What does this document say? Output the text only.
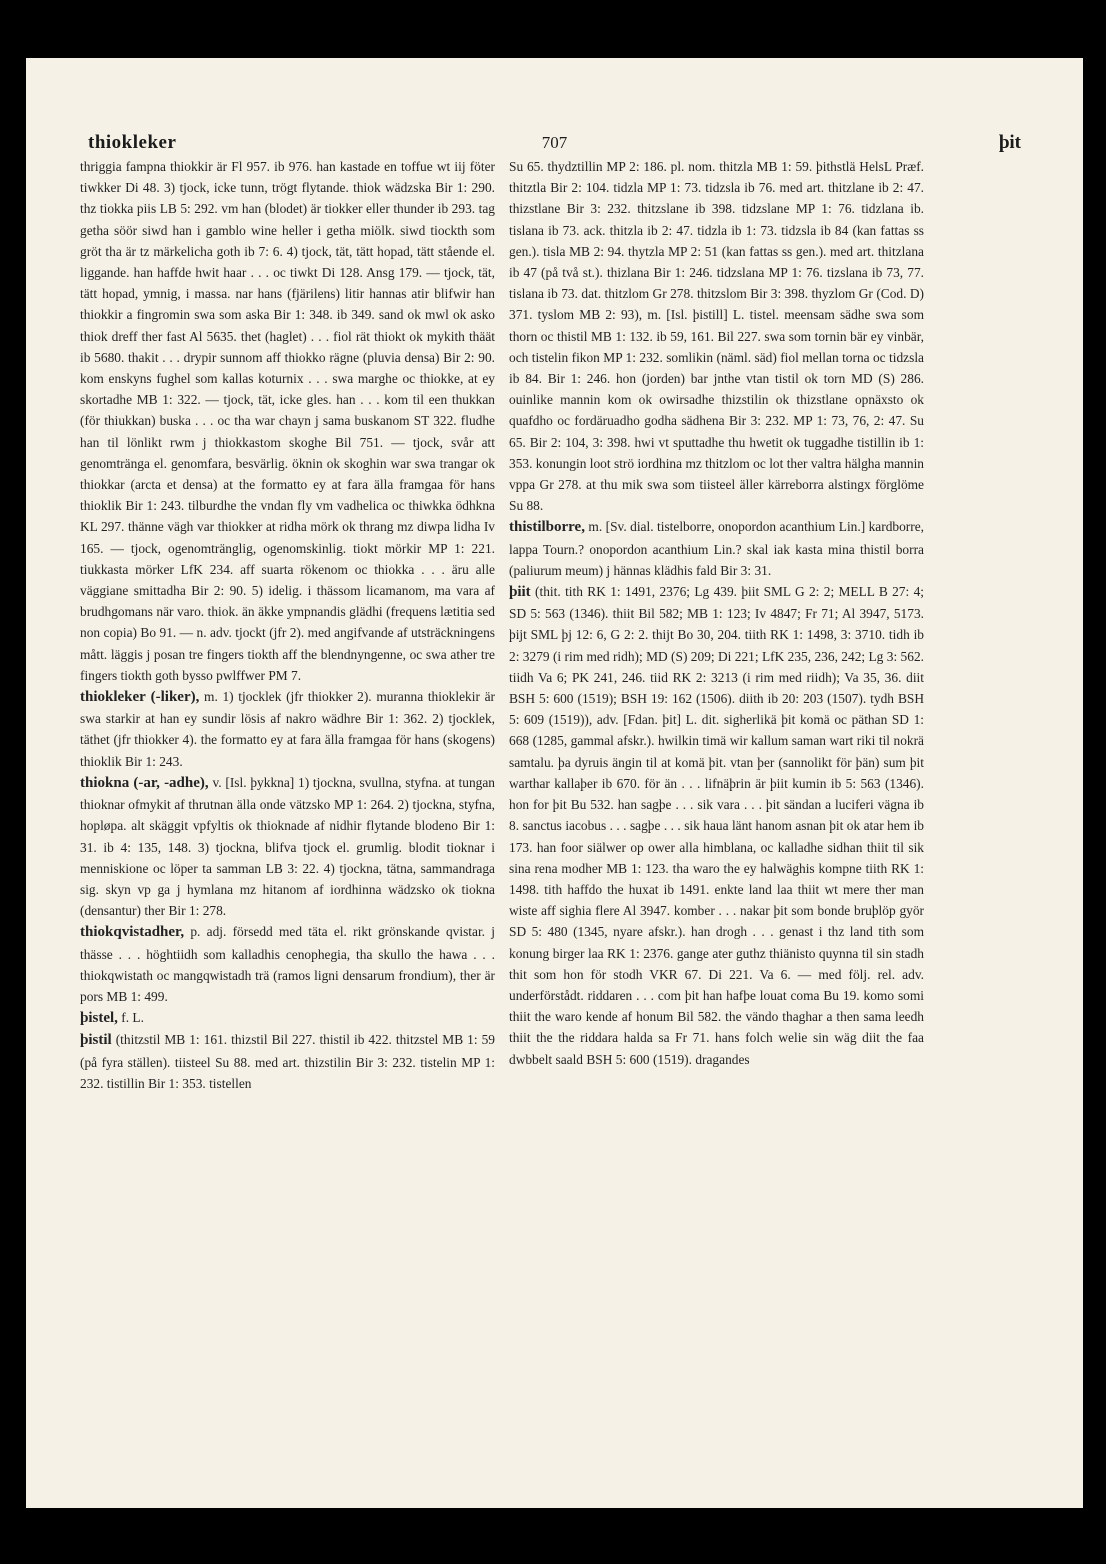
thiokleker	707	þit

thriggia fampna thiokkir är Fl 957. ib 976. han kastade en toffue wt iij föter tiwkker Di 48. 3) tjock, icke tunn, trögt flytande. thiok wädzska Bir 1: 290. thz tiokka piis LB 5: 292. vm han (blodet) är tiokker eller thunder ib 293. tag getha söör siwd han i gamblo wine heller i getha miölk. siwd tiockth som gröt tha är tz märkelicha goth ib 7: 6. 4) tjock, tät, tätt hopad, tätt stående el. liggande. han haffde hwit haar . . . oc tiwkt Di 128. Ansg 179. — tjock, tät, tätt hopad, ymnig, i massa. nar hans (fjärilens) litir hannas atir blifwir han thiokkir a fingromin swa som aska Bir 1: 348. ib 349. sand ok mwl ok asko thiok dreff ther fast Al 5635. thet (haglet) . . . fiol rät thiokt ok mykith thäät ib 5680. thakit . . . drypir sunnom aff thiokko rägne (pluvia densa) Bir 2: 90. kom enskyns fughel som kallas koturnix . . . swa marghe oc thiokke, at ey skortadhe MB 1: 322. — tjock, tät, icke gles. han . . . kom til een thukkan (för thiukkan) buska . . . oc tha war chayn j sama buskanom ST 322. fludhe han til lönlikt rwm j thiokkastom skoghe Bil 751. — tjock, svår att genomtränga el. genomfara, besvärlig. öknin ok skoghin war swa trangar ok thiokkar (arcta et densa) at the formatto ey at fara älla framgaa för hans thioklik Bir 1: 243. tilburdhe the vndan fly vm vadhelica oc thiwkka ödhkna KL 297. thänne vägh var thiokker at ridha mörk ok thrang mz diwpa lidha Iv 165. — tjock, ogenomtränglig, ogenomskinlig. tiokt mörkir MP 1: 221. tiukkasta mörker LfK 234. aff suarta rökenom oc thiokka . . . äru alle väggiane smittadha Bir 2: 90. 5) idelig. i thässom licamanom, ma vara af brudhgomans när varo. thiok. än äkke ympnandis glädhi (frequens lætitia sed non copia) Bo 91. — n. adv. tjockt (jfr 2). med angifvande af utsträckningens mått. läggis j posan tre fingers tiokth aff the blendnyngenne, oc swa ather tre fingers tiokth goth bysso pwlffwer PM 7.

thiokleker (-liker), m. 1) tjocklek (jfr thiokker 2). muranna thioklekir är swa starkir at han ey sundir lösis af nakro wädhre Bir 1: 362. 2) tjocklek, täthet (jfr thiokker 4). the formatto ey at fara älla framgaa för hans (skogens) thioklik Bir 1: 243.

thiokna (-ar, -adhe), v. [Isl. þykkna] 1) tjockna, svullna, styfna. at tungan thioknar ofmykit af thrutnan älla onde vätzsko MP 1: 264. 2) tjockna, styfna, hopløpa. alt skäggit vpfyltis ok thioknade af nidhir flytande blodeno Bir 1: 31. ib 4: 135, 148. 3) tjockna, blifva tjock el. grumlig. blodit tioknar i menniskione oc löper ta samman LB 3: 22. 4) tjockna, tätna, sammandraga sig. skyn vp ga j hymlana mz hitanom af iordhinna wädzsko ok tiokna (densantur) ther Bir 1: 278.

thiokqvistadher, p. adj. försedd med täta el. rikt grönskande qvistar. j thässe . . . höghtiidh som kalladhis cenophegia, tha skullo the hawa . . . thiokqwistath oc mangqwistadh trä (ramos ligni densarum frondium), ther är pors MB 1: 499.

þistel, f. L.

þistil (thitzstil MB 1: 161. thizstil Bil 227. thistil ib 422. thitzstel MB 1: 59 (på fyra ställen). tiisteel Su 88. med art. thizstilin Bir 3: 232. tistelin MP 1: 232. tistillin Bir 1: 353. tistellen

Su 65. thydztillin MP 2: 186. pl. nom. thitzla MB 1: 59. þithstlä HelsL Præf. thitztla Bir 2: 104. tidzla MP 1: 73. tidzsla ib 76. med art. thitzlane ib 2: 47. thizstlane Bir 3: 232. thitzslane ib 398. tidzslane MP 1: 76. tidzlana ib. tislana ib 73. ack. thitzla ib 2: 47. tidzla ib 1: 73. tidzsla ib 84 (kan fattas ss gen.). tisla MB 2: 94. thytzla MP 2: 51 (kan fattas ss gen.). med art. thitzlana ib 47 (på två st.). thizlana Bir 1: 246. tidzslana MP 1: 76. tizslana ib 73, 77. tislana ib 73. dat. thitzlom Gr 278. thitzslom Bir 3: 398. thyzlom Gr (Cod. D) 371. tyslom MB 2: 93), m. [Isl. þistill] L. tistel. meensam sädhe swa som thorn oc thistil MB 1: 132. ib 59, 161. Bil 227. swa som tornin bär ey vinbär, och tistelin fikon MP 1: 232. somlikin (näml. säd) fiol mellan torna oc tidzsla ib 84. Bir 1: 246. hon (jorden) bar jnthe vtan tistil ok torn MD (S) 286. ouinlike mannin kom ok owirsadhe thizstilin ok thizstlane opnäxsto ok quafdho oc fordäruadho godha sädhena Bir 3: 232. MP 1: 73, 76, 2: 47. Su 65. Bir 2: 104, 3: 398. hwi vt sputtadhe thu hwetit ok tuggadhe tistillin ib 1: 353. konungin loot strö iordhina mz thitzlom oc lot ther valtra hälgha mannin vppa Gr 278. at thu mik swa som tiisteel äller kärreborra alstingx förglöme Su 88.

thistilborre, m. [Sv. dial. tistelborre, onopordon acanthium Lin.] kardborre, lappa Tourn.? onopordon acanthium Lin.? skal iak kasta mina thistil borra (paliurum meum) j hännas klädhis fald Bir 3: 31.

þiit (thit. tith RK 1: 1491, 2376; Lg 439. þiit SML G 2: 2; MELL B 27: 4; SD 5: 563 (1346). thiit Bil 582; MB 1: 123; Iv 4847; Fr 71; Al 3947, 5173. þijt SML þj 12: 6, G 2: 2. thijt Bo 30, 204. tiith RK 1: 1498, 3: 3710. tidh ib 2: 3279 (i rim med ridh); MD (S) 209; Di 221; LfK 235, 236, 242; Lg 3: 562. tiidh Va 6; PK 241, 246. tiid RK 2: 3213 (i rim med riidh); Va 35, 36. diit BSH 5: 600 (1519); BSH 19: 162 (1506). diith ib 20: 203 (1507). tydh BSH 5: 609 (1519)), adv. [Fdan. þit] L. dit. sigherlikä þit komä oc päthan SD 1: 668 (1285, gammal afskr.). hwilkin timä wir kallum saman wart riki til nokrä samtalu. þa dyruis ängin til at komä þit. vtan þer (sannolikt för þän) sum þit warthar kallaþer ib 670. för än . . . lifnäþrin är þiit kumin ib 5: 563 (1346). hon for þit Bu 532. han sagþe . . . sik vara . . . þit sändan a luciferi vägna ib 8. sanctus iacobus . . . sagþe . . . sik haua länt hanom asnan þit ok atar hem ib 173. han foor siälwer op ower alla himblana, oc kalladhe sidhan thiit til sik sina rena modher MB 1: 123. tha waro the ey halwäghis kompne tiith RK 1: 1498. tith haffdo the huxat ib 1491. enkte land laa thiit wt mere ther man wiste aff sighia flere Al 3947. komber . . . nakar þit som bonde bruþlöp györ SD 5: 480 (1345, nyare afskr.). han drogh . . . genast i thz land tith som konung birger laa RK 1: 2376. gange ater guthz thiänisto quynna til sin stadh thit som hon för stodh VKR 67. Di 221. Va 6. — med följ. rel. adv. underförstådt. riddaren . . . com þit han hafþe louat coma Bu 19. komo somi thiit the waro kende af honum Bil 582. the vändo thaghar a then sama leedh thiit the the riddara halda sa Fr 71. hans folch welie sin wäg diit the faa dwbbelt saald BSH 5: 600 (1519). dragandes
